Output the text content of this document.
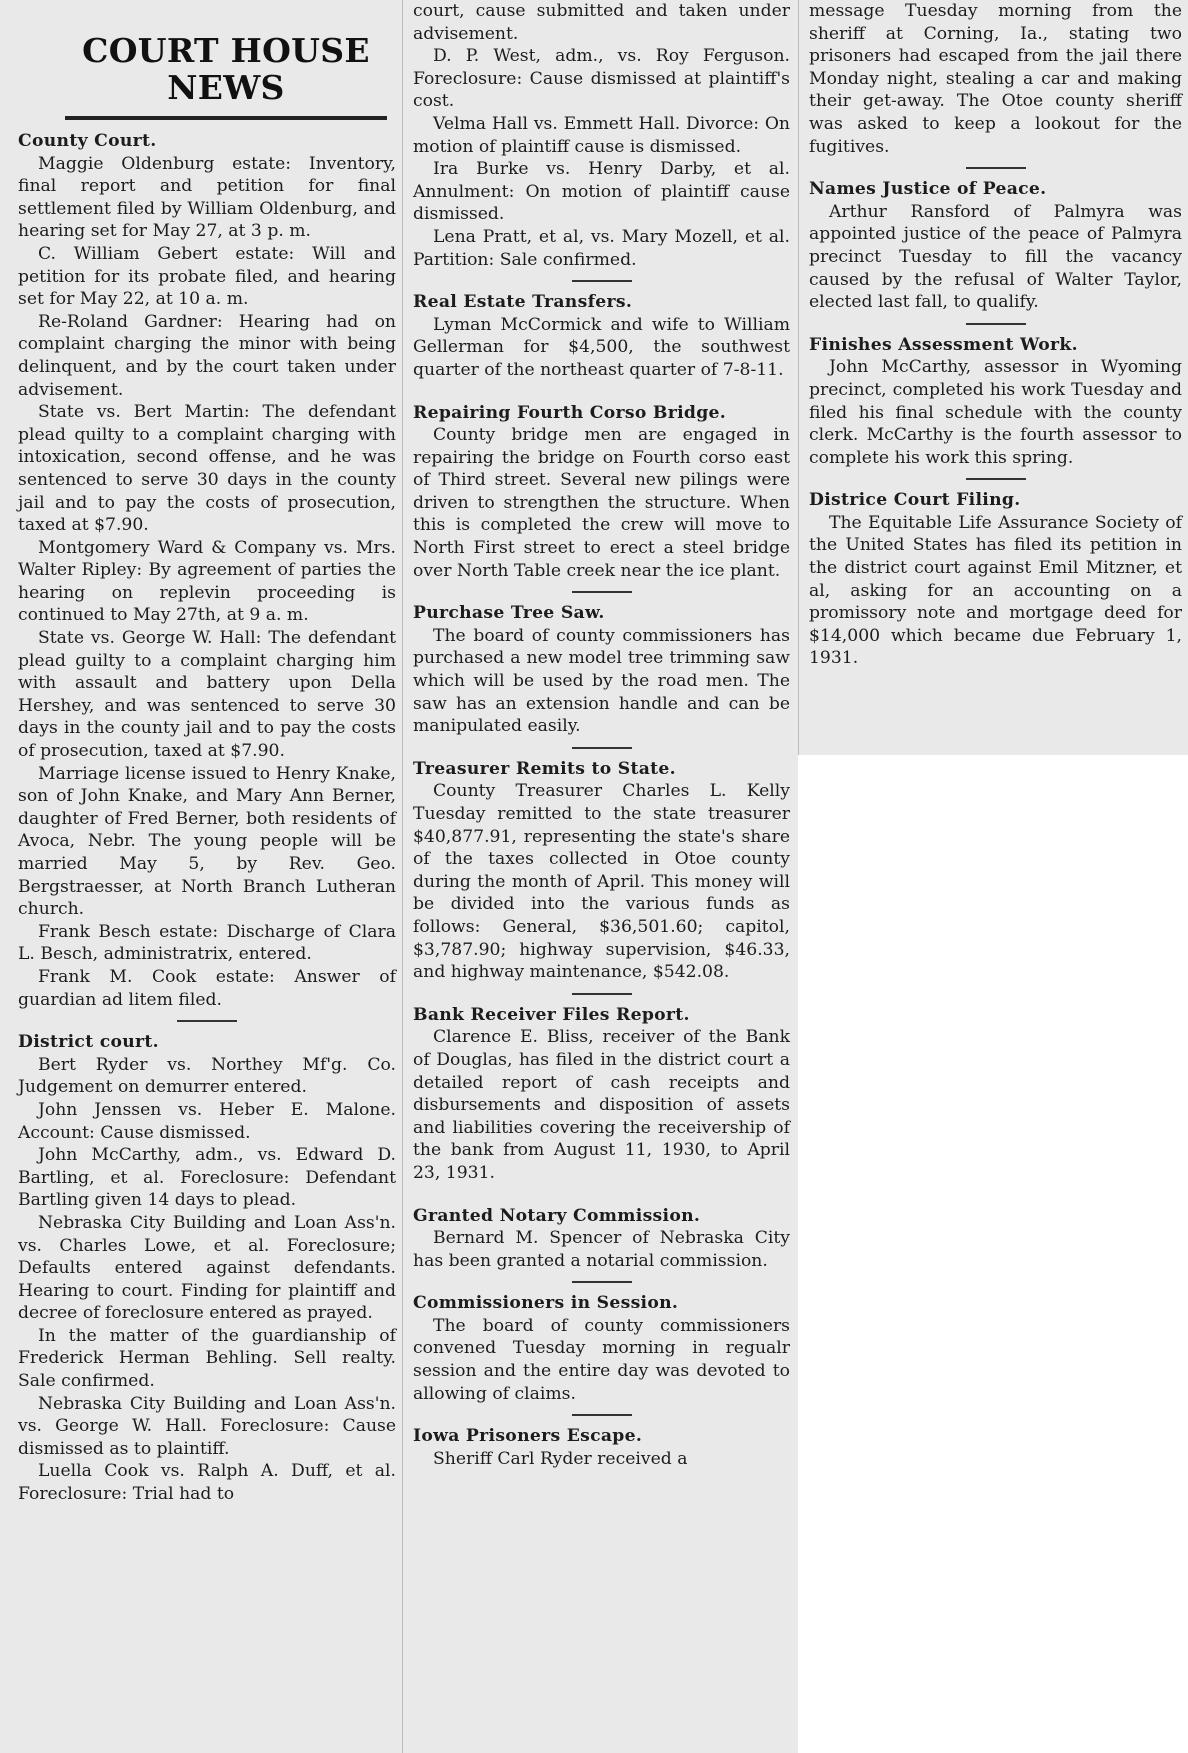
County Court.

Maggie Oldenburg estate: Inventory, final report and petition for final settlement filed by William Oldenburg, and hearing set for May 27, at 3 p. m.

C. William Gebert estate: Will and petition for its probate filed, and hearing set for May 22, at 10 a. m.

Re-Roland Gardner: Hearing had on complaint charging the minor with being delinquent, and by the court taken under advisement.

State vs. Bert Martin: The defendant plead quilty to a complaint charging with intoxication, second offense, and he was sentenced to serve 30 days in the county jail and to pay the costs of prosecution, taxed at $7.90.

Montgomery Ward & Company vs. Mrs. Walter Ripley: By agreement of parties the hearing on replevin proceeding is continued to May 27th, at 9 a. m.

State vs. George W. Hall: The defendant plead guilty to a complaint charging him with assault and battery upon Della Hershey, and was sentenced to serve 30 days in the county jail and to pay the costs of prosecution, taxed at $7.90.

Marriage license issued to Henry Knake, son of John Knake, and Mary Ann Berner, daughter of Fred Berner, both residents of Avoca, Nebr. The young people will be married May 5, by Rev. Geo. Bergstraesser, at North Branch Lutheran church.

Frank Besch estate: Discharge of Clara L. Besch, administratrix, entered.

Frank M. Cook estate: Answer of guardian ad litem filed.

District court.

Bert Ryder vs. Northey Mf'g. Co. Judgement on demurrer entered.

John Jenssen vs. Heber E. Malone. Account: Cause dismissed.

John McCarthy, adm., vs. Edward D. Bartling, et al. Foreclosure: Defendant Bartling given 14 days to plead.

Nebraska City Building and Loan Ass'n. vs. Charles Lowe, et al. Foreclosure; Defaults entered against defendants. Hearing to court. Finding for plaintiff and decree of foreclosure entered as prayed.

In the matter of the guardianship of Frederick Herman Behling. Sell realty. Sale confirmed.

Nebraska City Building and Loan Ass'n. vs. George W. Hall. Foreclosure: Cause dismissed as to plaintiff.

Luella Cook vs. Ralph A. Duff, et al. Foreclosure: Trial had to

COURT HOUSE
NEWS

court, cause submitted and taken under advisement.

D. P. West, adm., vs. Roy Ferguson. Foreclosure: Cause dismissed at plaintiff's cost.

Velma Hall vs. Emmett Hall. Divorce: On motion of plaintiff cause is dismissed.

Ira Burke vs. Henry Darby, et al. Annulment: On motion of plaintiff cause dismissed.

Lena Pratt, et al, vs. Mary Mozell, et al. Partition: Sale confirmed.

Real Estate Transfers.

Lyman McCormick and wife to William Gellerman for $4,500, the southwest quarter of the northeast quarter of 7-8-11.

Repairing Fourth Corso Bridge.

County bridge men are engaged in repairing the bridge on Fourth corso east of Third street. Several new pilings were driven to strengthen the structure. When this is completed the crew will move to North First street to erect a steel bridge over North Table creek near the ice plant.

Purchase Tree Saw.

The board of county commissioners has purchased a new model tree trimming saw which will be used by the road men. The saw has an extension handle and can be manipulated easily.

Treasurer Remits to State.

County Treasurer Charles L. Kelly Tuesday remitted to the state treasurer $40,877.91, representing the state's share of the taxes collected in Otoe county during the month of April. This money will be divided into the various funds as follows: General, $36,501.60; capitol, $3,787.90; highway supervision, $46.33, and highway maintenance, $542.08.

Bank Receiver Files Report.

Clarence E. Bliss, receiver of the Bank of Douglas, has filed in the district court a detailed report of cash receipts and disbursements and disposition of assets and liabilities covering the receivership of the bank from August 11, 1930, to April 23, 1931.

Granted Notary Commission.

Bernard M. Spencer of Nebraska City has been granted a notarial commission.

Commissioners in Session.

The board of county commissioners convened Tuesday morning in regualr session and the entire day was devoted to allowing of claims.

Iowa Prisoners Escape.

Sheriff Carl Ryder received a

message Tuesday morning from the sheriff at Corning, Ia., stating two prisoners had escaped from the jail there Monday night, stealing a car and making their get-away. The Otoe county sheriff was asked to keep a lookout for the fugitives.

Names Justice of Peace.

Arthur Ransford of Palmyra was appointed justice of the peace of Palmyra precinct Tuesday to fill the vacancy caused by the refusal of Walter Taylor, elected last fall, to qualify.

Finishes Assessment Work.

John McCarthy, assessor in Wyoming precinct, completed his work Tuesday and filed his final schedule with the county clerk. McCarthy is the fourth assessor to complete his work this spring.

Districe Court Filing.

The Equitable Life Assurance Society of the United States has filed its petition in the district court against Emil Mitzner, et al, asking for an accounting on a promissory note and mortgage deed for $14,000 which became due February 1, 1931.
